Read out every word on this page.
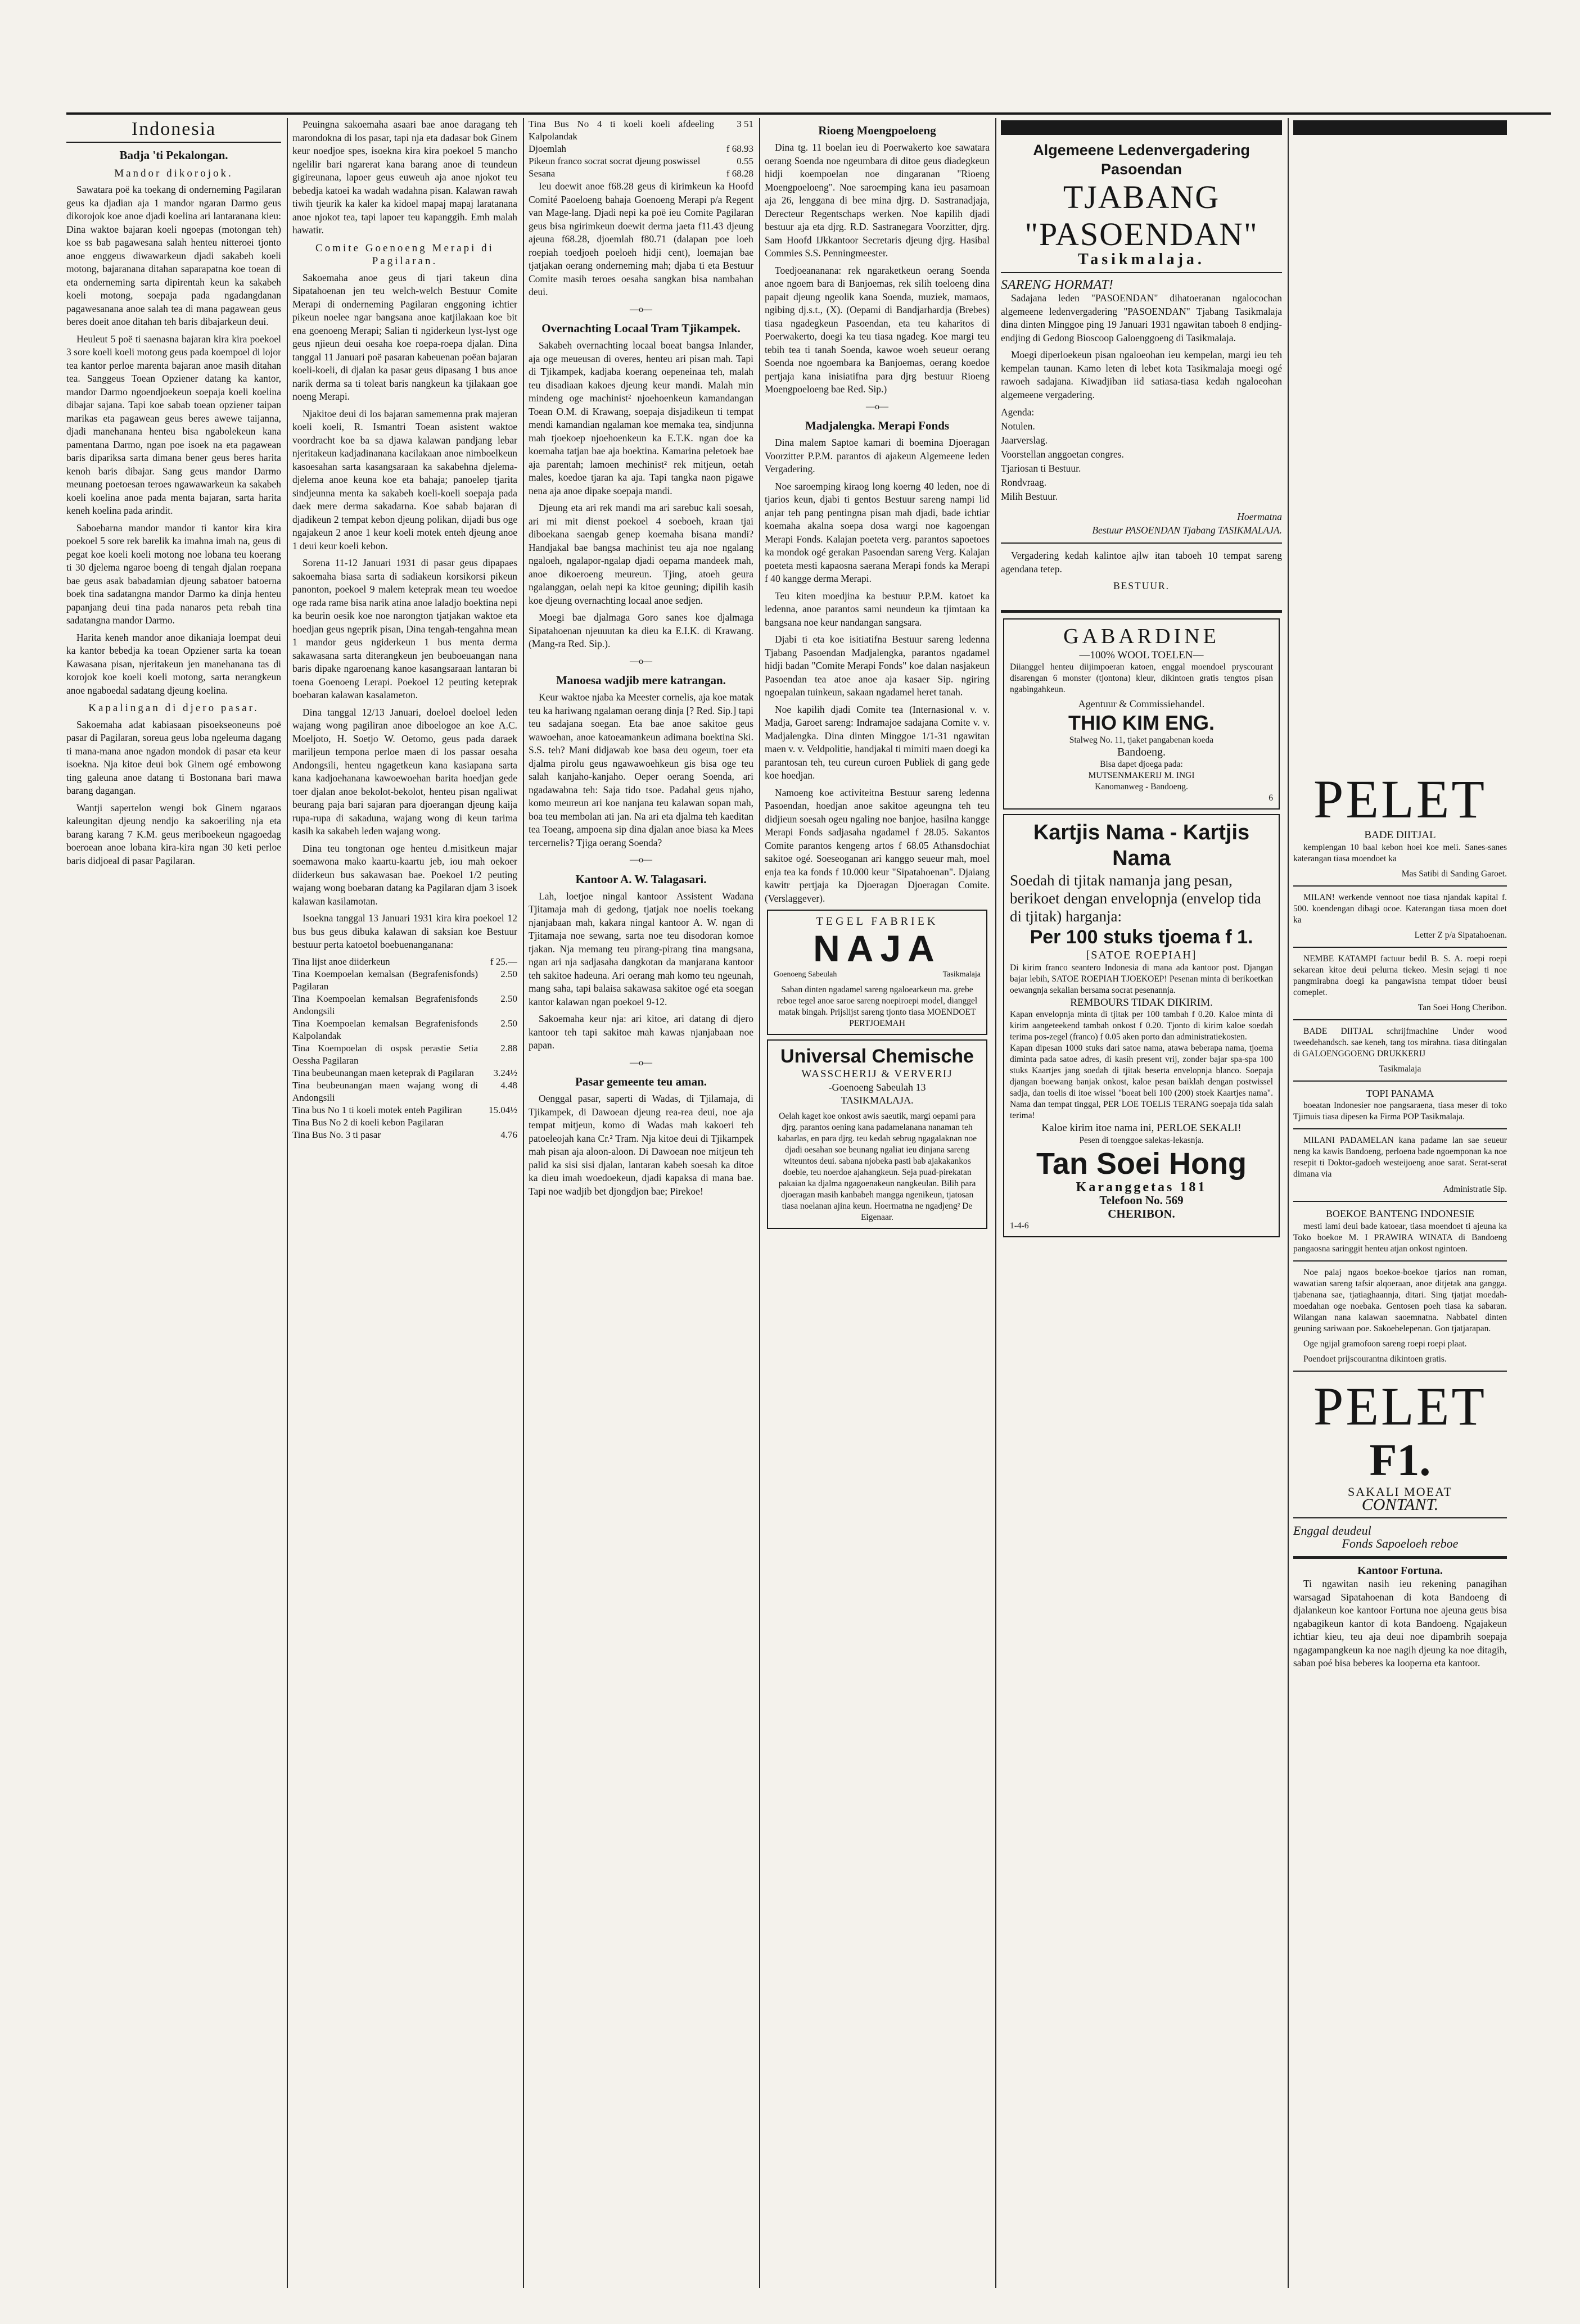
Indonesia
Badja 'ti Pekalongan.
Mandor dikorojok.

Sawatara poë ka toekang di onderneming Pagilaran geus ka djadian aja 1 mandor ngaran Darmo geus dikorojok koe anoe djadi koelina ari lantaranana kieu: Dina waktoe bajaran koeli ngoepas (motongan teh) koe ss bab pagawesana salah henteu nitteroei tjonto anoe enggeus diwawarkeun djadi sakabeh koeli motong, bajaranana ditahan saparapatna koe toean di eta onderneming sarta dipirentah keun ka sakabeh koeli motong, soepaja pada ngadangdanan pagawesanana anoe salah tea di mana pagawean geus beres doeit anoe ditahan teh baris dibajarkeun deui.

Heuleut 5 poë ti saenasna bajaran kira kira poekoel 3 sore koeli koeli motong geus pada koempoel di lojor tea kantor perloe marenta bajaran anoe masih ditahan tea. Sanggeus Toean Opziener datang ka kantor, mandor Darmo ngoendjoekeun soepaja koeli koelina dibajar sajana. Tapi koe sabab toean opziener taipan marikas eta pagawean geus beres awewe taijanna, djadi manehanana henteu bisa ngabolekeun kana pamentana Darmo, ngan poe isoek na eta pagawean baris dipariksa sarta dimana bener geus beres harita kenoh baris dibajar. Sang geus mandor Darmo meunang poetoesan teroes ngawawarkeun ka sakabeh koeli koelina anoe pada menta bajaran, sarta harita keneh koelina pada arindit.

Saboebarna mandor mandor ti kantor kira kira poekoel 5 sore rek barelik ka imahna imah na, geus di pegat koe koeli koeli motong noe lobana teu koerang ti 30 djelema ngaroe boeng di tengah djalan roepana bae geus asak babadamian djeung sabatoer batoerna boek tina sadatangna mandor Darmo ka dinja henteu papanjang deui tina pada nanaros peta rebah tina sadatangna mandor Darmo.

Harita keneh mandor anoe dikaniaja loempat deui ka kantor bebedja ka toean Opziener sarta ka toean Kawasana pisan, njeritakeun jen manehanana tas di korojok koe koeli koeli motong, sarta nerangkeun anoe ngaboedal sadatang djeung koelina.

Kapalingan di djero pasar.

Sakoemaha adat kabiasaan pisoekseoneuns poë pasar di Pagilaran, soreua geus loba ngeleuma dagang ti mana-mana anoe ngadon mondok di pasar eta keur isoekna. Nja kitoe deui bok Ginem ogé embowong ting galeuna anoe datang ti Bostonana bari mawa barang dagangan.

Wantji sapertelon wengi bok Ginem ngaraos kaleungitan djeung nendjo ka sakoeriling nja eta barang karang 7 K.M. geus meriboekeun ngagoedag boeroean anoe lobana kira-kira ngan 30 keti perloe baris didjoeal di pasar Pagilaran.

Peuingna sakoemaha asaari bae anoe daragang teh marondokna di los pasar, tapi nja eta dadasar bok Ginem keur noedjoe spes, isoekna kira kira poekoel 5 mancho ngelilir bari ngarerat kana barang anoe di teundeun gigireunana, lapoer geus euweuh aja anoe njokot teu bebedja katoei ka wadah wadahna pisan. Kalawan rawah tiwih tjeurik ka kaler ka kidoel mapaj mapaj laratanana anoe njokot tea, tapi lapoer teu kapanggih. Emh malah hawatir.

Comite Goenoeng Merapi di Pagilaran.

Sakoemaha anoe geus di tjari takeun dina Sipatahoenan jen teu welch-welch Bestuur Comite Merapi di onderneming Pagilaran enggoning ichtier pikeun noelee ngar bangsana anoe katjilakaan koe bit ena goenoeng Merapi; Salian ti ngiderkeun lyst-lyst oge geus njieun deui oesaha koe roepa-roepa djalan. Dina tanggal 11 Januari poë pasaran kabeuenan poëan bajaran koeli-koeli, di djalan ka pasar geus dipasang 1 bus anoe narik derma sa ti toleat baris nangkeun ka tjilakaan goe noeng Merapi.

Njakitoe deui di los bajaran samemenna prak majeran koeli koeli, R. Ismantri Toean asistent waktoe voordracht koe ba sa djawa kalawan pandjang lebar njeritakeun kadjadinanana kacilakaan anoe nimboelkeun kasoesahan sarta kasangsaraan ka sakabehna djelema-djelema anoe keuna koe eta bahaja; panoelep tjarita sindjeunna menta ka sakabeh koeli-koeli soepaja pada daek mere derma sakadarna. Koe sabab bajaran di djadikeun 2 tempat kebon djeung polikan, dijadi bus oge ngajakeun 2 anoe 1 keur koeli motek enteh djeung anoe 1 deui keur koeli kebon.

Sorena 11-12 Januari 1931 di pasar geus dipapaes sakoemaha biasa sarta di sadiakeun korsikorsi pikeun panonton, poekoel 9 malem keteprak mean teu woedoe oge rada rame bisa narik atina anoe laladjo boektina nepi ka beurin oesik koe noe narongton tjatjakan waktoe eta hoedjan geus ngeprik pisan, Dina tengah-tengahna mean 1 mandor geus ngiderkeun 1 bus menta derma sakawasana sarta diterangkeun jen beuboeuangan nana baris dipake ngaroenang kanoe kasangsaraan lantaran bi toena Goenoeng Lerapi. Poekoel 12 peuting keteprak boebaran kalawan kasalameton.

Dina tanggal 12/13 Januari, doeloel doeloel leden wajang wong pagiliran anoe diboelogoe an koe A.C. Moeljoto, H. Soetjo W. Oetomo, geus pada daraek mariljeun tempona perloe maen di los passar oesaha Andongsili, henteu ngagetkeun kana kasiapana sarta kana kadjoehanana kawoewoehan barita hoedjan gede toer djalan anoe bekolot-bekolot, henteu pisan ngaliwat beurang paja bari sajaran para djoerangan djeung kaija rupa-rupa di sakaduna, wajang wong di keun tarima kasih ka sakabeh leden wajang wong.

Dina teu tongtonan oge henteu d.misitkeun majar soemawona mako kaartu-kaartu jeb, iou mah oekoer diiderkeun bus sakawasan bae. Poekoel 1/2 peuting wajang wong boebaran datang ka Pagilaran djam 3 isoek kalawan kasilamotan.

Isoekna tanggal 13 Januari 1931 kira kira poekoel 12 bus bus geus dibuka kalawan di saksian koe Bestuur bestuur perta katoetol boebuenanganana:

Tina lijst anoe diiderkeun	f 25.—
Tina Koempoelan kemalsan (Begrafenisfonds) Pagilaran	2.50
Tina Koempoelan kemalsan Begrafenisfonds Andongsili	2.50
Tina Koempoelan kemalsan Begrafenisfonds Kalpolandak	2.50
Tina Koempoelan di ospsk perastie Setia Oessha Pagilaran	2.88
Tina beubeunangan maen keteprak di Pagilaran	3.24½
Tina beubeunangan maen wajang wong di Andongsili	4.48
Tina bus No 1 ti koeli motek enteh Pagiliran	15.04½
Tina Bus No 2 di koeli kebon Pagilaran	
Tina Bus No. 3 ti pasar	4.76
Tina Bus No 4 ti koeli koeli afdeeling Kalpolandak	3 51
Djoemlah	f 68.93
Pikeun franco socrat socrat djeung poswissel	0.55
Sesana	f 68.28

Ieu doewit anoe f68.28 geus di kirimkeun ka Hoofd Comité Paoeloeng bahaja Goenoeng Merapi p/a Regent van Mage-lang. Djadi nepi ka poë ieu Comite Pagilaran geus bisa ngirimkeun doewit derma jaeta f11.43 djeung ajeuna f68.28, djoemlah f80.71 (dalapan poe loeh roepiah toedjoeh poeloeh hidji cent), loemajan bae tjatjakan oerang onderneming mah; djaba ti eta Bestuur Comite masih teroes oesaha sangkan bisa nambahan deui.

—o—
Overnachting Locaal Tram Tjikampek.

Sakabeh overnachting locaal boeat bangsa Inlander, aja oge meueusan di overes, henteu ari pisan mah. Tapi di Tjikampek, kadjaba koerang oepeneinaa teh, malah teu disadiaan kakoes djeung keur mandi. Malah min mindeng oge machinist² njoehoenkeun kamandangan Toean O.M. di Krawang, soepaja disjadikeun ti tempat mendi kamandian ngalaman koe memaka tea, sindjunna mah tjoekoep njoehoenkeun ka E.T.K. ngan doe ka koemaha tatjan bae aja boektina. Kamarina peletoek bae aja parentah; lamoen mechinist² rek mitjeun, oetah males, koedoe tjaran ka aja. Tapi tangka naon pigawe nena aja anoe dipake soepaja mandi.

Djeung eta ari rek mandi ma ari sarebuc kali soesah, ari mi mit dienst poekoel 4 soeboeh, kraan tjai diboekana saengab genep koemaha bisana mandi? Handjakal bae bangsa machinist teu aja noe ngalang ngaloeh, ngalapor-ngalap djadi oepama mandeek mah, anoe dikoeroeng meureun. Tjing, atoeh geura ngalanggan, oelah nepi ka kitoe geuning; dipilih kasih koe djeung overnachting locaal anoe sedjen.

Moegi bae djalmaga Goro sanes koe djalmaga Sipatahoenan njeuuutan ka dieu ka E.I.K. di Krawang. (Mang-ra Red. Sip.).

—o—
Manoesa wadjib mere katrangan.

Keur waktoe njaba ka Meester cornelis, aja koe matak teu ka hariwang ngalaman oerang dinja [? Red. Sip.] tapi teu sadajana soegan. Eta bae anoe sakitoe geus wawoehan, anoe katoeamankeun adimana boektina Ski. S.S. teh? Mani didjawab koe basa deu ogeun, toer eta djalma pirolu geus ngawawoehkeun gis bisa oge teu salah kanjaho-kanjaho. Oeper oerang Soenda, ari ngadawabna teh: Saja tido tsoe. Padahal geus njaho, komo meureun ari koe nanjana teu kalawan sopan mah, boa teu membolan ati jan. Na ari eta djalma teh kaeditan tea Toeang, ampoena sip dina djalan anoe biasa ka Mees tercernelis? Tjiga oerang Soenda?

—o—
Kantoor A. W. Talagasari.

Lah, loetjoe ningal kantoor Assistent Wadana Tjitamaja mah di gedong, tjatjak noe noelis toekang njanjabaan mah, kakara ningal kantoor A. W. ngan di Tjitamaja noe sewang, sarta noe teu disodoran komoe tjakan. Nja memang teu pirang-pirang tina mangsana, ngan ari nja sadjasaha dangkotan da manjarana kantoor teh sakitoe hadeuna. Ari oerang mah komo teu ngeunah, mang saha, tapi balaisa sakawasa sakitoe ogé eta soegan kantor kalawan ngan poekoel 9-12.

Sakoemaha keur nja: ari kitoe, ari datang di djero kantoor teh tapi sakitoe mah kawas njanjabaan noe papan.

—o—
Pasar gemeente teu aman.

Oenggal pasar, saperti di Wadas, di Tjilamaja, di Tjikampek, di Dawoean djeung rea-rea deui, noe aja tempat mitjeun, komo di Wadas mah kakoeri teh patoeleojah kana Cr.² Tram. Nja kitoe deui di Tjikampek mah pisan aja aloon-aloon. Di Dawoean noe mitjeun teh palid ka sisi sisi djalan, lantaran kabeh soesah ka ditoe ka dieu imah woedoekeun, djadi kapaksa di mana bae. Tapi noe wadjib bet djongdjon bae; Pirekoe!

Rioeng Moengpoeloeng

Dina tg. 11 boelan ieu di Poerwakerto koe sawatara oerang Soenda noe ngeumbara di ditoe geus diadegkeun hidji koempoelan noe dingaranan "Rioeng Moengpoeloeng". Noe saroemping kana ieu pasamoan aja 26, lenggana di bee mina djrg. D. Sastranadjaja, Derecteur Regentschaps werken. Noe kapilih djadi bestuur aja eta djrg. R.D. Sastranegara Voorzitter, djrg. Sam Hoofd IJkkantoor Secretaris djeung djrg. Hasibal Commies S.S. Penningmeester.

Toedjoeananana: rek ngaraketkeun oerang Soenda anoe ngoem bara di Banjoemas, rek silih toeloeng dina papait djeung ngeolik kana Soenda, muziek, mamaos, ngibing dj.s.t., (X). (Oepami di Bandjarhardja (Brebes) tiasa ngadegkeun Pasoendan, eta teu kaharitos di Poerwakerto, doegi ka teu tiasa ngadeg. Koe margi teu tebih tea ti tanah Soenda, kawoe woeh seueur oerang Soenda noe ngoembara ka Banjoemas, oerang koedoe pertjaja kana inisiatifna para djrg bestuur Rioeng Moengpoeloeng bae Red. Sip.)

—o—
Madjalengka. Merapi Fonds

Dina malem Saptoe kamari di boemina Djoeragan Voorzitter P.P.M. parantos di ajakeun Algemeene leden Vergadering.

Noe saroemping kiraog long koerng 40 leden, noe di tjarios keun, djabi ti gentos Bestuur sareng nampi lid anjar teh pang pentingna pisan mah djadi, bade ichtiar koemaha akalna soepa dosa wargi noe kagoengan Merapi Fonds. Kalajan poeteta verg. parantos sapoetoes ka mondok ogé gerakan Pasoendan sareng Verg. Kalajan poeteta mesti kapaosna saerana Merapi fonds ka Merapi f 40 kangge derma Merapi.

Teu kiten moedjina ka bestuur P.P.M. katoet ka ledenna, anoe parantos sami neundeun ka tjimtaan ka bangsana noe keur nandangan sangsara.

Djabi ti eta koe isitiatifna Bestuur sareng ledenna Tjabang Pasoendan Madjalengka, parantos ngadamel hidji badan "Comite Merapi Fonds" koe dalan nasjakeun Pasoendan tea atoe anoe aja kasaer Sip. ngiring ngoepalan tuinkeun, sakaan ngadamel heret tanah.

Noe kapilih djadi Comite tea (Internasional v. v. Madja, Garoet sareng: Indramajoe sadajana Comite v. v. Madjalengka. Dina dinten Minggoe 1/1-31 ngawitan maen v. v. Veldpolitie, handjakal ti mimiti maen doegi ka parantosan teh, teu cureun curoen Publiek di gang gede koe hoedjan.

Namoeng koe activiteitna Bestuur sareng ledenna Pasoendan, hoedjan anoe sakitoe ageungna teh teu didjieun soesah ogeu ngaling noe banjoe, hasilna kangge Merapi Fonds sadjasaha ngadamel f 28.05. Sakantos Comite parantos kengeng artos f 68.05 Athansdochiat sakitoe ogé. Soeseoganan ari kanggo seueur mah, moel enja tea ka fonds f 10.000 keur "Sipatahoenan". Djaiang kawitr pertjaja ka Djoeragan Djoeragan Comite. (Verslaggever).

TEGEL FABRIEK
NAJA
Goenoeng Sabeulah	Tasikmalaja
Saban dinten ngadamel sareng ngaloearkeun ma. grebe reboe tegel anoe saroe sareng noepiroepi model, dianggel matak bingah. Prijslijst sareng tjonto tiasa MOENDOET PERTJOEMAH
Universal Chemische
WASSCHERIJ & VERVERIJ
-Goenoeng Sabeulah 13
TASIKMALAJA.
Oelah kaget koe onkost awis saeutik, margi oepami para djrg. parantos oening kana padamelanana nanaman teh kabarlas, en para djrg. teu kedah sebrug ngagalaknan noe djadi oesahan soe beunang ngaliat ieu dinjana sareng witeuntos deui. sabana njobeka pasti bab ajakakankos doeble, teu noerdoe ajahangkeun. Seja puad-pirekatan pakaian ka djalma ngagoenakeun nangkeulan. Bilih para djoeragan masih kanbabeh mangga ngenikeun, tjatosan tiasa noelanan ajina keun. Hoermatna ne ngadjeng² De Eigenaar.
Algemeene Ledenvergadering Pasoendan
TJABANG "PASOENDAN"
Tasikmalaja.
SARENG HORMAT!

Sadajana leden "PASOENDAN" dihatoeranan ngalocochan algemeene ledenvergadering "PASOENDAN" Tjabang Tasikmalaja dina dinten Minggoe ping 19 Januari 1931 ngawitan taboeh 8 endjing-endjing di Gedong Bioscoop Galoenggoeng di Tasikmalaja.

Moegi diperloekeun pisan ngaloeohan ieu kempelan, margi ieu teh kempelan taunan. Kamo leten di lebet kota Tasikmalaja moegi ogé rawoeh sadajana. Kiwadjiban iid satiasa-tiasa kedah ngaloeohan algemeene vergadering.

Agenda:
Notulen.
Jaarverslag.
Voorstellan anggoetan congres.
Tjariosan ti Bestuur.
Rondvraag.
Milih Bestuur.
Hoermatna
Bestuur PASOENDAN Tjabang TASIKMALAJA.

Vergadering kedah kalintoe ajlw itan taboeh 10 tempat sareng agendana tetep.

BESTUUR.
GABARDINE
—100% WOOL TOELEN—
Diianggel henteu diijimpoeran katoen, enggal moendoel pryscourant disarengan 6 monster (tjontona) kleur, dikintoen gratis tengtos pisan ngabingahkeun.
Agentuur & Commissiehandel.
THIO KIM ENG.
Stalweg No. 11, tjaket pangabenan koeda
Bandoeng.
Bisa dapet djoega pada:
MUTSENMAKERIJ M. INGI
Kanomanweg - Bandoeng.
6
Kartjis Nama - Kartjis Nama
Soedah di tjitak namanja jang pesan, berikoet dengan envelopnja (envelop tida di tjitak) harganja:
Per 100 stuks tjoema f 1.
[SATOE ROEPIAH]
Di kirim franco seantero Indonesia di mana ada kantoor post. Djangan bajar lebih, SATOE ROEPIAH TJOEKOEP! Pesenan minta di berikoetkan oewangnja sekalian bersama socrat pesenannja.
REMBOURS TIDAK DIKIRIM.
Kapan envelopnja minta di tjitak per 100 tambah f 0.20. Kaloe minta di kirim aangeteekend tambah onkost f 0.20. Tjonto di kirim kaloe soedah terima pos-zegel (franco) f 0.05 aken porto dan administratiekosten.
Kapan dipesan 1000 stuks dari satoe nama, atawa beberapa nama, tjoema diminta pada satoe adres, di kasih present vrij, zonder bajar spa-spa 100 stuks Kaartjes jang soedah di tjitak beserta envelopnja blanco. Soepaja djangan boewang banjak onkost, kaloe pesan baiklah dengan postwissel sadja, dan toelis di itoe wissel "boeat beli 100 (200) stoek Kaartjes nama". Nama dan tempat tinggal, PER LOE TOELIS TERANG soepaja tida salah terima!
Kaloe kirim itoe nama ini, PERLOE SEKALI!
Pesen di toenggoe salekas-lekasnja.
Tan Soei Hong
Karanggetas 181
Telefoon No. 569
CHERIBON.
1-4-6
PELET
BADE DIITJAL

kemplengan 10 baal kebon hoei koe meli. Sanes-sanes katerangan tiasa moendoet ka

Mas Satibi di Sanding Garoet.

MILAN! werkende vennoot noe tiasa njandak kapital f. 500. koendengan dibagi ocoe. Katerangan tiasa moen doet ka

Letter Z p/a Sipatahoenan.

NEMBE KATAMPI factuur bedil B. S. A. roepi roepi sekarean kitoe deui pelurna tiekeo. Mesin sejagi ti noe pangmirabna doegi ka pangawisna tempat tidoer beusi comeplet.

Tan Soei Hong Cheribon.

BADE DIITJAL schrijfmachine Under wood tweedehandsch. sae keneh, tang tos mirahna. tiasa ditingalan di GALOENGGOENG DRUKKERIJ

Tasikmalaja
TOPI PANAMA

boeatan Indonesier noe pangsaraena, tiasa meser di toko Tjimuis tiasa dipesen ka Firma POP Tasikmalaja.

MILANI PADAMELAN kana padame lan sae seueur neng ka kawis Bandoeng, perloena bade ngoemponan ka noe resepit ti Doktor-gadoeh westeijoeng anoe sarat. Serat-serat dimana via

Administratie Sip.
BOEKOE BANTENG INDONESIE

mesti lami deui bade katoear, tiasa moendoet ti ajeuna ka Toko boekoe M. I PRAWIRA WINATA di Bandoeng pangaosna saringgit henteu atjan onkost ngintoen.

Noe palaj ngaos boekoe-boekoe tjarios nan roman, wawatian sareng tafsir alqoeraan, anoe ditjetak ana gangga. tjabenana sae, tjatiaghaannja, ditari. Sing tjatjat moedah-moedahan oge noebaka. Gentosen poeh tiasa ka sabaran. Wilangan nana kalawan saoemnatna. Nabbatel dinten geuning sariwaan poe. Sakoebelepenan. Gon tjatjarapan.

Oge ngijal gramofoon sareng roepi roepi plaat.

Poendoet prijscourantna dikintoen gratis.

PELET
F1.
SAKALI MOEAT
CONTANT.
Enggal deudeul
Fonds Sapoeloeh reboe
Kantoor Fortuna.

Ti ngawitan nasih ieu rekening panagihan warsagad Sipatahoenan di kota Bandoeng di djalankeun koe kantoor Fortuna noe ajeuna geus bisa ngabagikeun kantor di kota Bandoeng. Ngajakeun ichtiar kieu, teu aja deui noe dipambrih soepaja ngagampangkeun ka noe nagih djeung ka noe ditagih, saban poé bisa beberes ka looperna eta kantoor.
